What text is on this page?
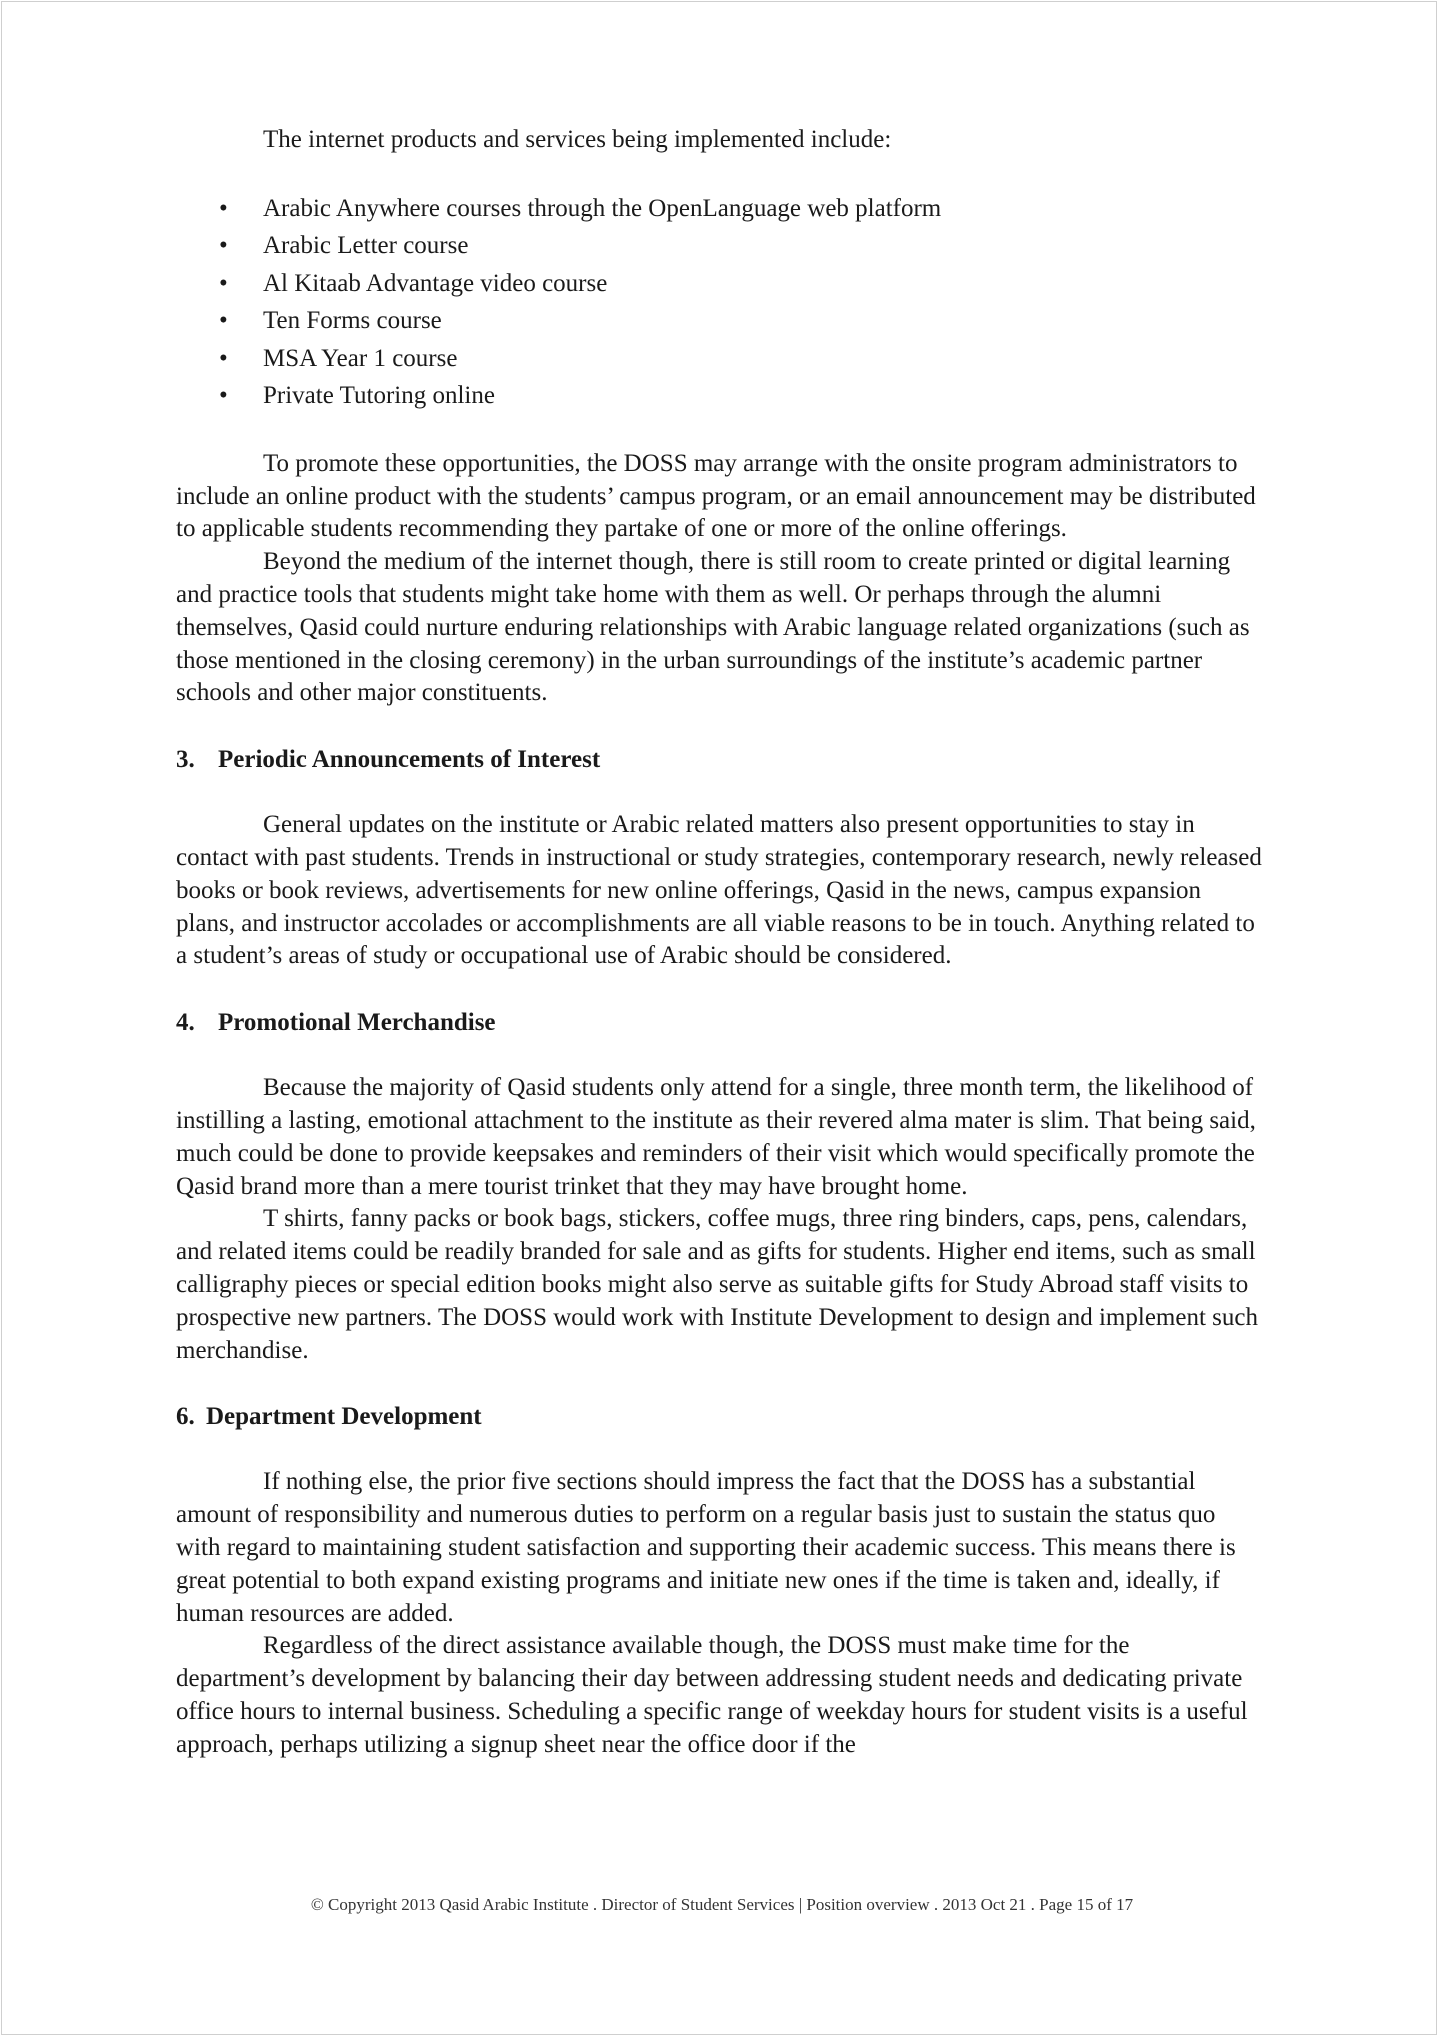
The internet products and services being implemented include:

• Arabic Anywhere courses through the OpenLanguage web platform
• Arabic Letter course
• Al Kitaab Advantage video course
• Ten Forms course
• MSA Year 1 course
• Private Tutoring online

To promote these opportunities, the DOSS may arrange with the onsite program administrators to include an online product with the students’ campus program, or an email announcement may be distributed to applicable students recommending they partake of one or more of the online offerings.

Beyond the medium of the internet though, there is still room to create printed or digital learning and practice tools that students might take home with them as well. Or perhaps through the alumni themselves, Qasid could nurture enduring relationships with Arabic language related organizations (such as those mentioned in the closing ceremony) in the urban surroundings of the institute’s academic partner schools and other major constituents.

3. Periodic Announcements of Interest

General updates on the institute or Arabic related matters also present opportunities to stay in contact with past students. Trends in instructional or study strategies, contemporary research, newly released books or book reviews, advertisements for new online offerings, Qasid in the news, campus expansion plans, and instructor accolades or accomplishments are all viable reasons to be in touch. Anything related to a student’s areas of study or occupational use of Arabic should be considered.

4. Promotional Merchandise

Because the majority of Qasid students only attend for a single, three month term, the likelihood of instilling a lasting, emotional attachment to the institute as their revered alma mater is slim. That being said, much could be done to provide keepsakes and reminders of their visit which would specifically promote the Qasid brand more than a mere tourist trinket that they may have brought home.

T shirts, fanny packs or book bags, stickers, coffee mugs, three ring binders, caps, pens, calendars, and related items could be readily branded for sale and as gifts for students. Higher end items, such as small calligraphy pieces or special edition books might also serve as suitable gifts for Study Abroad staff visits to prospective new partners. The DOSS would work with Institute Development to design and implement such merchandise.

6. Department Development

If nothing else, the prior five sections should impress the fact that the DOSS has a substantial amount of responsibility and numerous duties to perform on a regular basis just to sustain the status quo with regard to maintaining student satisfaction and supporting their academic success. This means there is great potential to both expand existing programs and initiate new ones if the time is taken and, ideally, if human resources are added.

Regardless of the direct assistance available though, the DOSS must make time for the department’s development by balancing their day between addressing student needs and dedicating private office hours to internal business. Scheduling a specific range of weekday hours for student visits is a useful approach, perhaps utilizing a signup sheet near the office door if the

© Copyright 2013 Qasid Arabic Institute . Director of Student Services | Position overview . 2013 Oct 21 . Page 15 of 17
